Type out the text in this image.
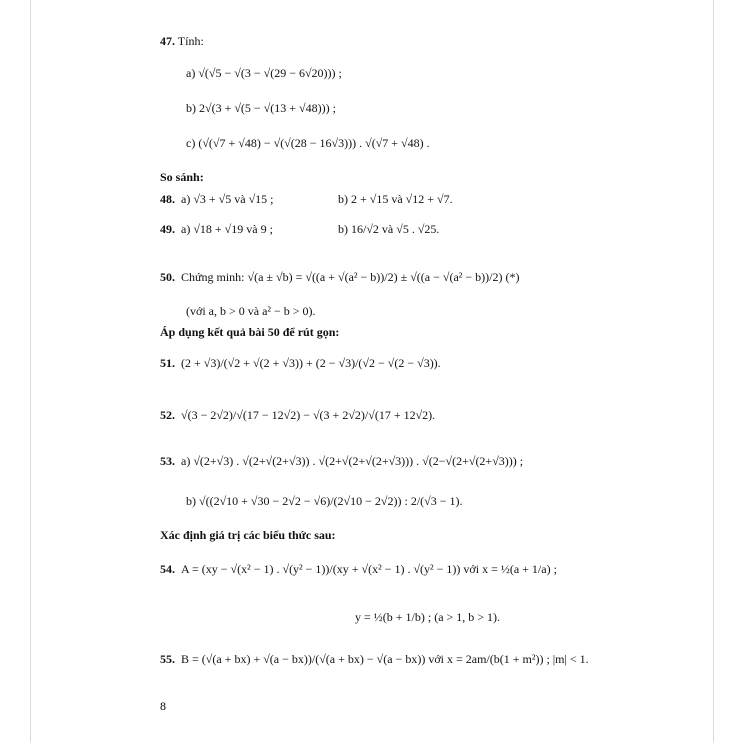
47. Tính:
a) √(√5 − √(3 − √(29 − 6√20))) ;
b) 2√(3 + √(5 − √(13 + √48))) ;
c) (√(√7 + √48) − √(√(28 − 16√3))) . √(√7 + √48) .
So sánh:
48. a) √3 + √5 và √15 ;	b) 2 + √15 và √12 + √7.
49. a) √18 + √19 và 9 ;	b) 16/√2 và √5 . √25.
50. Chứng minh: √(a ± √b) = √((a + √(a² − b))/2) ± √((a − √(a² − b))/2) (*)
(với a, b > 0 và a² − b > 0).
Áp dụng kết quả bài 50 để rút gọn:
51. (2 + √3)/(√2 + √(2 + √3)) + (2 − √3)/(√2 − √(2 − √3)).
52. √(3 − 2√2)/√(17 − 12√2) − √(3 + 2√2)/√(17 + 12√2).
53. a) √(2+√3) . √(2+√(2+√3)) . √(2+√(2+√(2+√3))) . √(2−√(2+√(2+√3))) ;
b) √((2√10 + √30 − 2√2 − √6)/(2√10 − 2√2)) : 2/(√3 − 1).
Xác định giá trị các biểu thức sau:
54. A = (xy − √(x² − 1) . √(y² − 1))/(xy + √(x² − 1) . √(y² − 1)) với x = ½(a + 1/a) ;
y = ½(b + 1/b) ; (a > 1, b > 1).
55. B = (√(a + bx) + √(a − bx))/(√(a + bx) − √(a − bx)) với x = 2am/(b(1 + m²)) ; |m| < 1.
8
